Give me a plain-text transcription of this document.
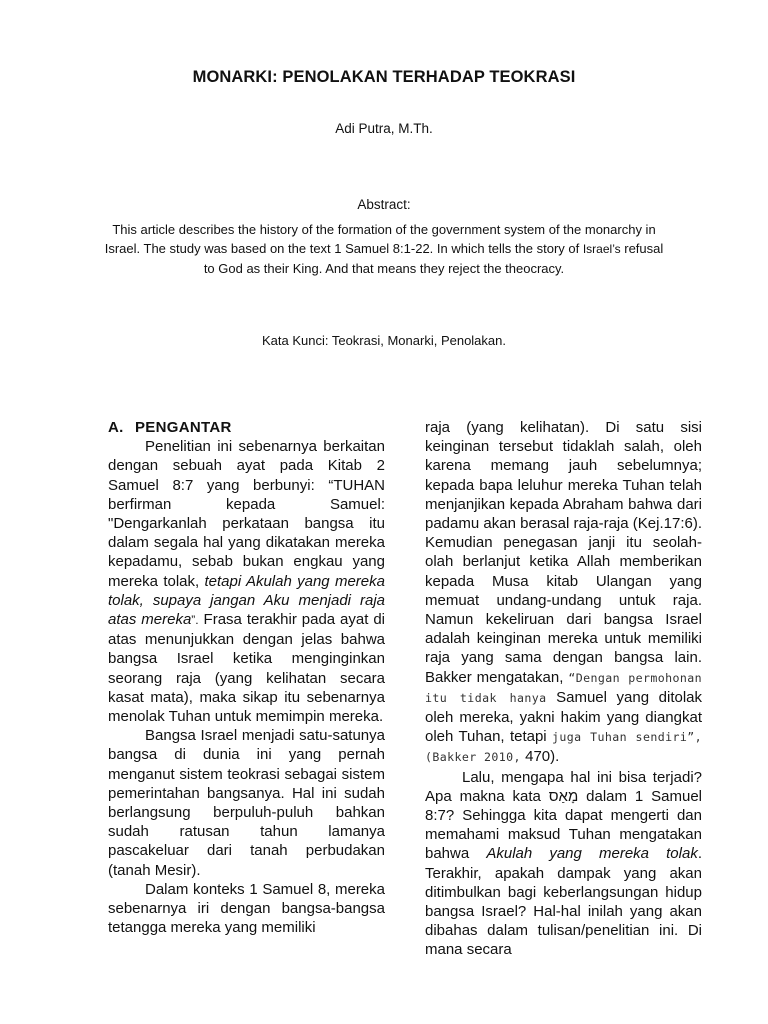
MONARKI: PENOLAKAN TERHADAP TEOKRASI
Adi Putra, M.Th.
Abstract:
This article describes the history of the formation of the government system of the monarchy in Israel. The study was based on the text 1 Samuel 8:1-22. In which tells the story of Israel’s refusal to God as their King. And that means they reject the theocracy.
Kata Kunci: Teokrasi, Monarki, Penolakan.

A. PENGANTAR

Penelitian ini sebenarnya berkaitan dengan sebuah ayat pada Kitab 2 Samuel 8:7 yang berbunyi: “TUHAN berfirman kepada Samuel: "Dengarkanlah perkataan bangsa itu dalam segala hal yang dikatakan mereka kepadamu, sebab bukan engkau yang mereka tolak, tetapi Akulah yang mereka tolak, supaya jangan Aku menjadi raja atas mereka”. Frasa terakhir pada ayat di atas menunjukkan dengan jelas bahwa bangsa Israel ketika menginginkan seorang raja (yang kelihatan secara kasat mata), maka sikap itu sebenarnya menolak Tuhan untuk memimpin mereka.

Bangsa Israel menjadi satu-satunya bangsa di dunia ini yang pernah menganut sistem teokrasi sebagai sistem pemerintahan bangsanya. Hal ini sudah berlangsung berpuluh-puluh bahkan sudah ratusan tahun lamanya pascakeluar dari tanah perbudakan (tanah Mesir).

Dalam konteks 1 Samuel 8, mereka sebenarnya iri dengan bangsa-bangsa tetangga mereka yang memiliki

raja (yang kelihatan). Di satu sisi keinginan tersebut tidaklah salah, oleh karena memang jauh sebelumnya; kepada bapa leluhur mereka Tuhan telah menjanjikan kepada Abraham bahwa dari padamu akan berasal raja-raja (Kej.17:6). Kemudian penegasan janji itu seolah-olah berlanjut ketika Allah memberikan kepada Musa kitab Ulangan yang memuat undang-undang untuk raja. Namun kekeliruan dari bangsa Israel adalah keinginan mereka untuk memiliki raja yang sama dengan bangsa lain. Bakker mengatakan, “Dengan permohonan itu tidak hanya Samuel yang ditolak oleh mereka, yakni hakim yang diangkat oleh Tuhan, tetapi juga Tuhan sendiri”, (Bakker 2010, 470).

Lalu, mengapa hal ini bisa terjadi? Apa makna kata מָאַס dalam 1 Samuel 8:7? Sehingga kita dapat mengerti dan memahami maksud Tuhan mengatakan bahwa Akulah yang mereka tolak. Terakhir, apakah dampak yang akan ditimbulkan bagi keberlangsungan hidup bangsa Israel? Hal-hal inilah yang akan dibahas dalam tulisan/penelitian ini. Di mana secara
